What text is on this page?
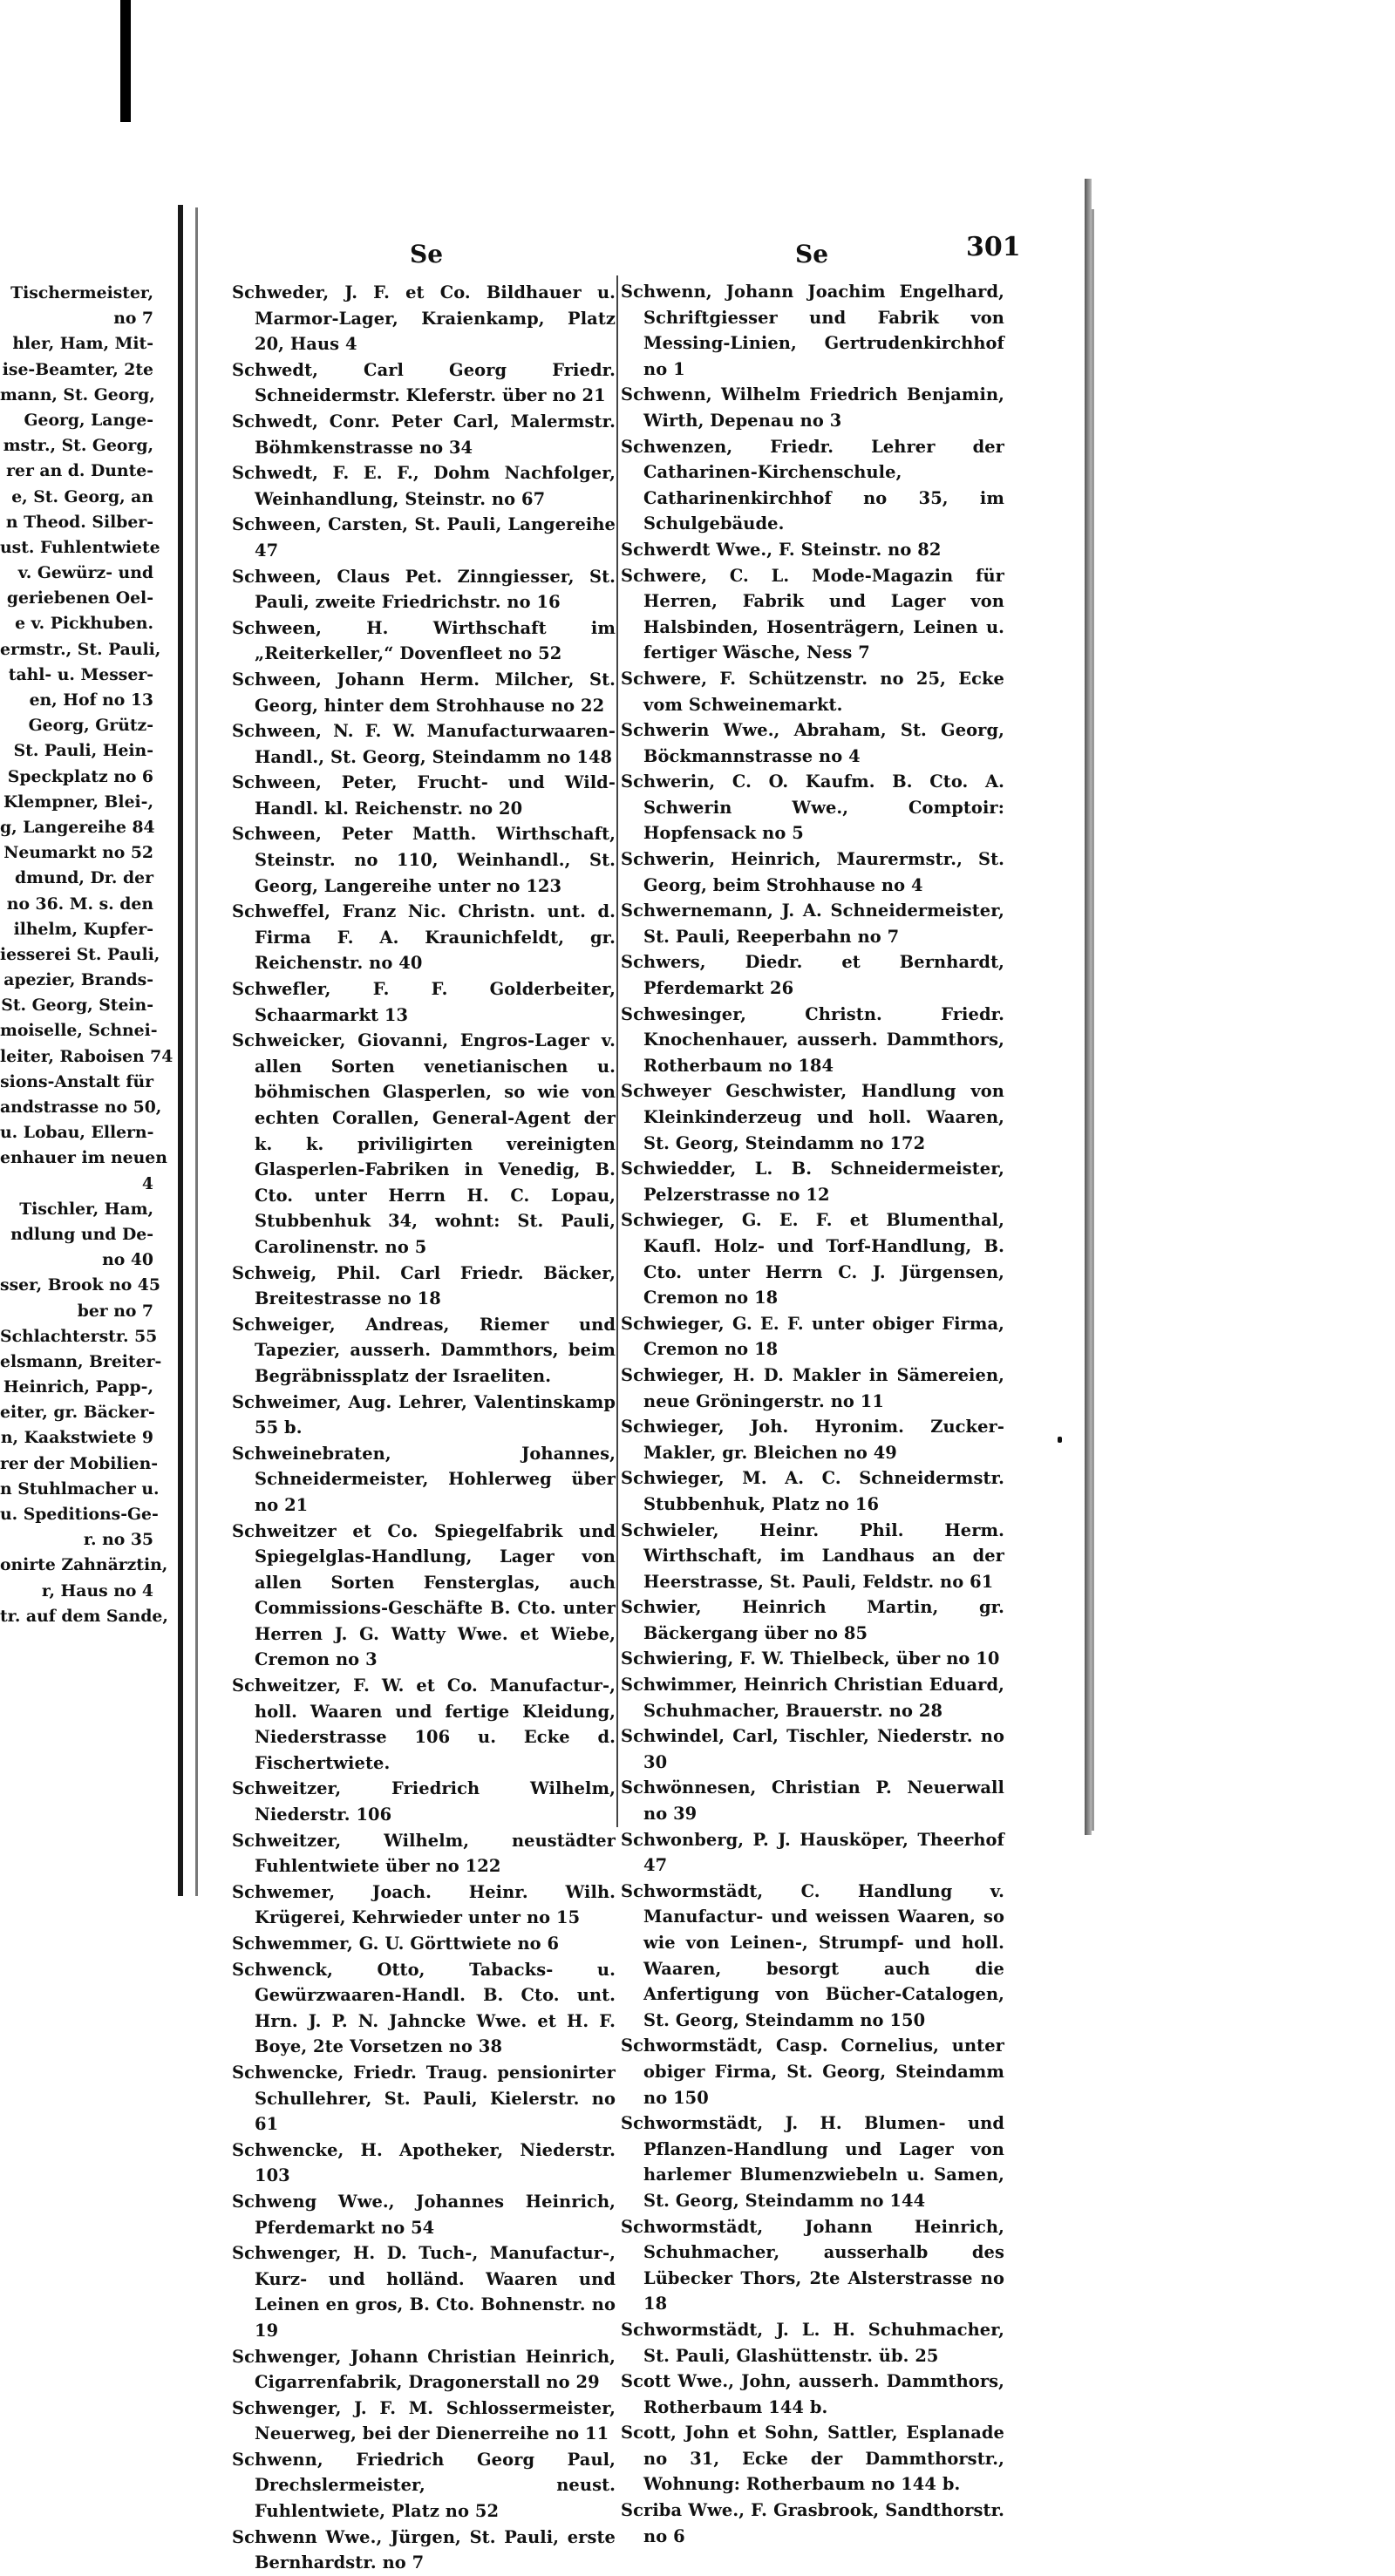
Tischermeister,
no 7
hler, Ham, Mit-
ise-Beamter, 2te
mann, St. Georg,
Georg, Lange-
mstr., St. Georg,
rer an d. Dunte-
e, St. Georg, an
n Theod. Silber-
ust. Fuhlentwiete
v. Gewürz- und
geriebenen Oel-
e v. Pickhuben.
ermstr., St. Pauli,
tahl- u. Messer-
en, Hof no 13
Georg, Grütz-
St. Pauli, Hein-
Speckplatz no 6
Klempner, Blei-,
g, Langereihe 84
Neumarkt no 52
dmund, Dr. der
no 36. M. s. den
ilhelm, Kupfer-
iesserei St. Pauli,
apezier, Brands-
St. Georg, Stein-
moiselle, Schnei-
leiter, Raboisen 74
sions-Anstalt für
andstrasse no 50,
u. Lobau, Ellern-
enhauer im neuen
4
Tischler, Ham,
ndlung und De-
no 40
sser, Brook no 45
ber no 7
Schlachterstr. 55
elsmann, Breiter-
Heinrich, Papp-,
eiter, gr. Bäcker-
n, Kaakstwiete 9
rer der Mobilien-
n Stuhlmacher u.
u. Speditions-Ge-
r. no 35
onirte Zahnärztin,
r, Haus no 4
tr. auf dem Sande,
Se	Se	301
Schweder, J. F. et Co. Bildhauer u. Marmor-Lager, Kraienkamp, Platz 20, Haus 4
Schwedt, Carl Georg Friedr. Schneidermstr. Kleferstr. über no 21
Schwedt, Conr. Peter Carl, Malermstr. Böhmkenstrasse no 34
Schwedt, F. E. F., Dohm Nachfolger, Weinhandlung, Steinstr. no 67
Schween, Carsten, St. Pauli, Langereihe 47
Schween, Claus Pet. Zinngiesser, St. Pauli, zweite Friedrichstr. no 16
Schween, H. Wirthschaft im „Reiterkeller,“ Dovenfleet no 52
Schween, Johann Herm. Milcher, St. Georg, hinter dem Strohhause no 22
Schween, N. F. W. Manufacturwaaren-Handl., St. Georg, Steindamm no 148
Schween, Peter, Frucht- und Wild-Handl. kl. Reichenstr. no 20
Schween, Peter Matth. Wirthschaft, Steinstr. no 110, Weinhandl., St. Georg, Langereihe unter no 123
Schweffel, Franz Nic. Christn. unt. d. Firma F. A. Kraunichfeldt, gr. Reichenstr. no 40
Schwefler, F. F. Golderbeiter, Schaarmarkt 13
Schweicker, Giovanni, Engros-Lager v. allen Sorten venetianischen u. böhmischen Glasperlen, so wie von echten Corallen, General-Agent der k. k. priviligirten vereinigten Glasperlen-Fabriken in Venedig, B. Cto. unter Herrn H. C. Lopau, Stubbenhuk 34, wohnt: St. Pauli, Carolinenstr. no 5
Schweig, Phil. Carl Friedr. Bäcker, Breitestrasse no 18
Schweiger, Andreas, Riemer und Tapezier, ausserh. Dammthors, beim Begräbnissplatz der Israeliten.
Schweimer, Aug. Lehrer, Valentinskamp 55 b.
Schweinebraten, Johannes, Schneidermeister, Hohlerweg über no 21
Schweitzer et Co. Spiegelfabrik und Spiegelglas-Handlung, Lager von allen Sorten Fensterglas, auch Commissions-Geschäfte B. Cto. unter Herren J. G. Watty Wwe. et Wiebe, Cremon no 3
Schweitzer, F. W. et Co. Manufactur-, holl. Waaren und fertige Kleidung, Niederstrasse 106 u. Ecke d. Fischertwiete.
Schweitzer, Friedrich Wilhelm, Niederstr. 106
Schweitzer, Wilhelm, neustädter Fuhlentwiete über no 122
Schwemer, Joach. Heinr. Wilh. Krügerei, Kehrwieder unter no 15
Schwemmer, G. U. Görttwiete no 6
Schwenck, Otto, Tabacks- u. Gewürzwaaren-Handl. B. Cto. unt. Hrn. J. P. N. Jahncke Wwe. et H. F. Boye, 2te Vorsetzen no 38
Schwencke, Friedr. Traug. pensionirter Schullehrer, St. Pauli, Kielerstr. no 61
Schwencke, H. Apotheker, Niederstr. 103
Schweng Wwe., Johannes Heinrich, Pferdemarkt no 54
Schwenger, H. D. Tuch-, Manufactur-, Kurz- und holländ. Waaren und Leinen en gros, B. Cto. Bohnenstr. no 19
Schwenger, Johann Christian Heinrich, Cigarrenfabrik, Dragonerstall no 29
Schwenger, J. F. M. Schlossermeister, Neuerweg, bei der Dienerreihe no 11
Schwenn, Friedrich Georg Paul, Drechslermeister, neust. Fuhlentwiete, Platz no 52
Schwenn Wwe., Jürgen, St. Pauli, erste Bernhardstr. no 7
Schwenn, Johann Joachim Engelhard, Schriftgiesser und Fabrik von Messing-Linien, Gertrudenkirchhof no 1
Schwenn, Wilhelm Friedrich Benjamin, Wirth, Depenau no 3
Schwenzen, Friedr. Lehrer der Catharinen-Kirchenschule, Catharinenkirchhof no 35, im Schulgebäude.
Schwerdt Wwe., F. Steinstr. no 82
Schwere, C. L. Mode-Magazin für Herren, Fabrik und Lager von Halsbinden, Hosenträgern, Leinen u. fertiger Wäsche, Ness 7
Schwere, F. Schützenstr. no 25, Ecke vom Schweinemarkt.
Schwerin Wwe., Abraham, St. Georg, Böckmannstrasse no 4
Schwerin, C. O. Kaufm. B. Cto. A. Schwerin Wwe., Comptoir: Hopfensack no 5
Schwerin, Heinrich, Maurermstr., St. Georg, beim Strohhause no 4
Schwernemann, J. A. Schneidermeister, St. Pauli, Reeperbahn no 7
Schwers, Diedr. et Bernhardt, Pferdemarkt 26
Schwesinger, Christn. Friedr. Knochenhauer, ausserh. Dammthors, Rotherbaum no 184
Schweyer Geschwister, Handlung von Kleinkinderzeug und holl. Waaren, St. Georg, Steindamm no 172
Schwiedder, L. B. Schneidermeister, Pelzerstrasse no 12
Schwieger, G. E. F. et Blumenthal, Kaufl. Holz- und Torf-Handlung, B. Cto. unter Herrn C. J. Jürgensen, Cremon no 18
Schwieger, G. E. F. unter obiger Firma, Cremon no 18
Schwieger, H. D. Makler in Sämereien, neue Gröningerstr. no 11
Schwieger, Joh. Hyronim. Zucker-Makler, gr. Bleichen no 49
Schwieger, M. A. C. Schneidermstr. Stubbenhuk, Platz no 16
Schwieler, Heinr. Phil. Herm. Wirthschaft, im Landhaus an der Heerstrasse, St. Pauli, Feldstr. no 61
Schwier, Heinrich Martin, gr. Bäckergang über no 85
Schwiering, F. W. Thielbeck, über no 10
Schwimmer, Heinrich Christian Eduard, Schuhmacher, Brauerstr. no 28
Schwindel, Carl, Tischler, Niederstr. no 30
Schwönnesen, Christian P. Neuerwall no 39
Schwonberg, P. J. Hausköper, Theerhof 47
Schwormstädt, C. Handlung v. Manufactur- und weissen Waaren, so wie von Leinen-, Strumpf- und holl. Waaren, besorgt auch die Anfertigung von Bücher-Catalogen, St. Georg, Steindamm no 150
Schwormstädt, Casp. Cornelius, unter obiger Firma, St. Georg, Steindamm no 150
Schwormstädt, J. H. Blumen- und Pflanzen-Handlung und Lager von harlemer Blumenzwiebeln u. Samen, St. Georg, Steindamm no 144
Schwormstädt, Johann Heinrich, Schuhmacher, ausserhalb des Lübecker Thors, 2te Alsterstrasse no 18
Schwormstädt, J. L. H. Schuhmacher, St. Pauli, Glashüttenstr. üb. 25
Scott Wwe., John, ausserh. Dammthors, Rotherbaum 144 b.
Scott, John et Sohn, Sattler, Esplanade no 31, Ecke der Dammthorstr., Wohnung: Rotherbaum no 144 b.
Scriba Wwe., F. Grasbrook, Sandthorstr. no 6
